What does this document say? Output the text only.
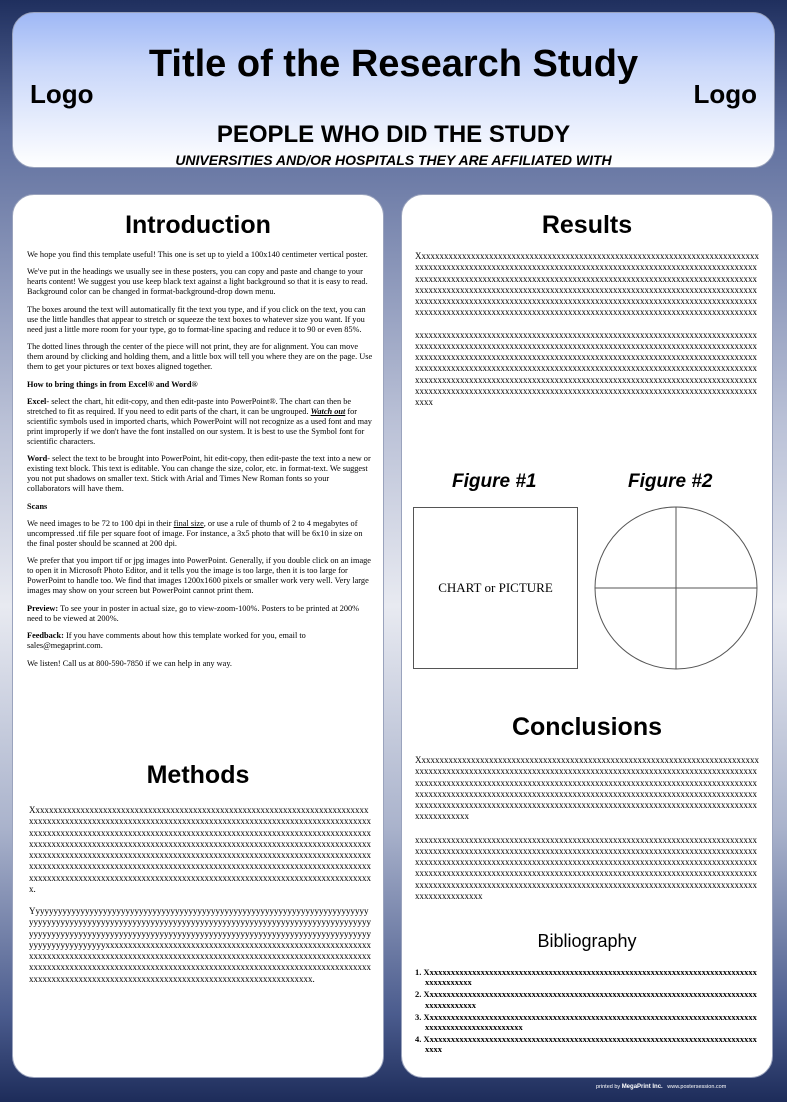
Title of the Research Study
Logo	Logo
PEOPLE WHO DID THE STUDY
UNIVERSITIES AND/OR HOSPITALS THEY ARE AFFILIATED WITH
Introduction

We hope you find this template useful! This one is set up to yield a 100x140 centimeter vertical poster.

We've put in the headings we usually see in these posters, you can copy and paste and change to your hearts content! We suggest you use keep black text against a light background so that it is easy to read. Background color can be changed in format-background-drop down menu.

The boxes around the text will automatically fit the text you type, and if you click on the text, you can use the little handles that appear to stretch or squeeze the text boxes to whatever size you want. If you need just a little more room for your type, go to format-line spacing and reduce it to 90 or even 85%.

The dotted lines through the center of the piece will not print, they are for alignment. You can move them around by clicking and holding them, and a little box will tell you where they are on the page. Use them to get your pictures or text boxes aligned together.

How to bring things in from Excel® and Word®

Excel- select the chart, hit edit-copy, and then edit-paste into PowerPoint®. The chart can then be stretched to fit as required. If you need to edit parts of the chart, it can be ungrouped. Watch out for scientific symbols used in imported charts, which PowerPoint will not recognize as a used font and may print improperly if we don't have the font installed on our system. It is best to use the Symbol font for scientific characters.

Word- select the text to be brought into PowerPoint, hit edit-copy, then edit-paste the text into a new or existing text block. This text is editable. You can change the size, color, etc. in format-text. We suggest you not put shadows on smaller text. Stick with Arial and Times New Roman fonts so your collaborators will have them.

Scans

We need images to be 72 to 100 dpi in their final size, or use a rule of thumb of 2 to 4 megabytes of uncompressed .tif file per square foot of image. For instance, a 3x5 photo that will be 6x10 in size on the final poster should be scanned at 200 dpi.

We prefer that you import tif or jpg images into PowerPoint. Generally, if you double click on an image to open it in Microsoft Photo Editor, and it tells you the image is too large, then it is too large for PowerPoint to handle too. We find that images 1200x1600 pixels or smaller work very well. Very large images may show on your screen but PowerPoint cannot print them.

Preview: To see your in poster in actual size, go to view-zoom-100%. Posters to be printed at 200% need to be viewed at 200%.

Feedback: If you have comments about how this template worked for you, email to sales@megaprint.com.

We listen! Call us at 800-590-7850 if we can help in any way.

Methods

Xxxxxxxxxxxxxxxxxxxxxxxxxxxxxxxxxxxxxxxxxxxxxxxxxxxxxxxxxxxxxxxxxxxxxxxxxxxxxxxxxxxxxxxxxxxxxxxxxxxxxxxxxxxxxxxxxxxxxxxxxxxxxxxxxxxxxxxxxxxxxxxxxxxxxxxxxxxxxxxxxxxxxxxxxxxxxxxxxxxxxxxxxxxxxxxxxxxxxxxxxxxxxxxxxxxxxxxxxxxxxxxxxxxxxxxxxxxxxxxxxxxxxxxxxxxxxxxxxxxxxxxxxxxxxxxxxxxxxxxxxxxxxxxxxxxxxxxxxxxxxxxxxxxxxxxxxxxxxxxxxxxxxxxxxxxxxxxxxxxxxxxxxxxxxxxxxxxxxxxxxxxxxxxxxxxxxxxxxxxxxxxxxxxxxxxxxxxxxxxxxxxxxxxxxxxxxxxxxxxxxxxxxxxxxxxxxxxxxxxxxxxxxxxxxxxxxxxxxxxxxxxxxxxxxxxxxxxxxxxxxxxxxxxxxxxxxxxxxxxxxxxxxxxxxxxxxxxxxxxxxxxxxxxxxxxx.

Yyyyyyyyyyyyyyyyyyyyyyyyyyyyyyyyyyyyyyyyyyyyyyyyyyyyyyyyyyyyyyyyyyyyyyyyyyyyyyyyyyyyyyyyyyyyyyyyyyyyyyyyyyyyyyyyyyyyyyyyyyyyyyyyyyyyyyyyyyyyyyyyyyyyyyyyyyyyyyyyyyyyyyyyyyyyyyyyyyyyyyyyyyyyyyyyyyyyyyyyyyyyyyyyyyyyyyyyyyyyyyyyyyyyyyyyyyyyyyyyyyyyxxxxxxxxxxxxxxxxxxxxxxxxxxxxxxxxxxxxxxxxxxxxxxxxxxxxxxxxxxxxxxxxxxxxxxxxxxxxxxxxxxxxxxxxxxxxxxxxxxxxxxxxxxxxxxxxxxxxxxxxxxxxxxxxxxxxxxxxxxxxxxxxxxxxxxxxxxxxxxxxxxxxxxxxxxxxxxxxxxxxxxxxxxxxxxxxxxxxxxxxxxxxxxxxxxxxxxxxxxxxxxxxxxxxxxxxxxxxxxxxxxxxxxxxxxxxxxxxxxxxxxxxxxxxxxxxxx.

Results

Xxxxxxxxxxxxxxxxxxxxxxxxxxxxxxxxxxxxxxxxxxxxxxxxxxxxxxxxxxxxxxxxxxxxxxxxxxxxxxxxxxxxxxxxxxxxxxxxxxxxxxxxxxxxxxxxxxxxxxxxxxxxxxxxxxxxxxxxxxxxxxxxxxxxxxxxxxxxxxxxxxxxxxxxxxxxxxxxxxxxxxxxxxxxxxxxxxxxxxxxxxxxxxxxxxxxxxxxxxxxxxxxxxxxxxxxxxxxxxxxxxxxxxxxxxxxxxxxxxxxxxxxxxxxxxxxxxxxxxxxxxxxxxxxxxxxxxxxxxxxxxxxxxxxxxxxxxxxxxxxxxxxxxxxxxxxxxxxxxxxxxxxxxxxxxxxxxxxxxxxxxxxxxxxxxxxxxxxxxxxxxxxxxxxxxxxxxxxxxxxxxxxxxxxxxxxxxxxxxxxxxxxxxxxxxxxxxxxxxxxxxxxxxxxxxxxxxxx

xxxxxxxxxxxxxxxxxxxxxxxxxxxxxxxxxxxxxxxxxxxxxxxxxxxxxxxxxxxxxxxxxxxxxxxxxxxxxxxxxxxxxxxxxxxxxxxxxxxxxxxxxxxxxxxxxxxxxxxxxxxxxxxxxxxxxxxxxxxxxxxxxxxxxxxxxxxxxxxxxxxxxxxxxxxxxxxxxxxxxxxxxxxxxxxxxxxxxxxxxxxxxxxxxxxxxxxxxxxxxxxxxxxxxxxxxxxxxxxxxxxxxxxxxxxxxxxxxxxxxxxxxxxxxxxxxxxxxxxxxxxxxxxxxxxxxxxxxxxxxxxxxxxxxxxxxxxxxxxxxxxxxxxxxxxxxxxxxxxxxxxxxxxxxxxxxxxxxxxxxxxxxxxxxxxxxxxxxxxxxxxxxxxxxxxxxxxxxxxxxxxxxxxxxxxxxxxxxxxxxxxxxxxxxxxxxxxxxxxxxxxxxxxxxxxxxxxxxxxx

Figure #1	Figure #2
CHART or PICTURE
Conclusions

Xxxxxxxxxxxxxxxxxxxxxxxxxxxxxxxxxxxxxxxxxxxxxxxxxxxxxxxxxxxxxxxxxxxxxxxxxxxxxxxxxxxxxxxxxxxxxxxxxxxxxxxxxxxxxxxxxxxxxxxxxxxxxxxxxxxxxxxxxxxxxxxxxxxxxxxxxxxxxxxxxxxxxxxxxxxxxxxxxxxxxxxxxxxxxxxxxxxxxxxxxxxxxxxxxxxxxxxxxxxxxxxxxxxxxxxxxxxxxxxxxxxxxxxxxxxxxxxxxxxxxxxxxxxxxxxxxxxxxxxxxxxxxxxxxxxxxxxxxxxxxxxxxxxxxxxxxxxxxxxxxxxxxxxxxxxxxxxxxxxxxxxxxxxxxxxxxxxxxxxxxxxxxxxxxxxxxxxxxxxxxxxxxxxxxxxx

xxxxxxxxxxxxxxxxxxxxxxxxxxxxxxxxxxxxxxxxxxxxxxxxxxxxxxxxxxxxxxxxxxxxxxxxxxxxxxxxxxxxxxxxxxxxxxxxxxxxxxxxxxxxxxxxxxxxxxxxxxxxxxxxxxxxxxxxxxxxxxxxxxxxxxxxxxxxxxxxxxxxxxxxxxxxxxxxxxxxxxxxxxxxxxxxxxxxxxxxxxxxxxxxxxxxxxxxxxxxxxxxxxxxxxxxxxxxxxxxxxxxxxxxxxxxxxxxxxxxxxxxxxxxxxxxxxxxxxxxxxxxxxxxxxxxxxxxxxxxxxxxxxxxxxxxxxxxxxxxxxxxxxxxxxxxxxxxxxxxxxxxxxxxxxxxxxxxxxxxxxxxxxxxxxxxxxxxxxxxxxxxxxxxxxxxxxx

Bibliography
1. Xxxxxxxxxxxxxxxxxxxxxxxxxxxxxxxxxxxxxxxxxxxxxxxxxxxxxxxxxxxxxxxxxxxxxxxxxxxxxxxxxxxxxxxxx
2. Xxxxxxxxxxxxxxxxxxxxxxxxxxxxxxxxxxxxxxxxxxxxxxxxxxxxxxxxxxxxxxxxxxxxxxxxxxxxxxxxxxxxxxxxxx
3. Xxxxxxxxxxxxxxxxxxxxxxxxxxxxxxxxxxxxxxxxxxxxxxxxxxxxxxxxxxxxxxxxxxxxxxxxxxxxxxxxxxxxxxxxxxxxxxxxxxxxx
4. Xxxxxxxxxxxxxxxxxxxxxxxxxxxxxxxxxxxxxxxxxxxxxxxxxxxxxxxxxxxxxxxxxxxxxxxxxxxxxxxxxx
printed by MegaPrint Inc. www.postersession.com
